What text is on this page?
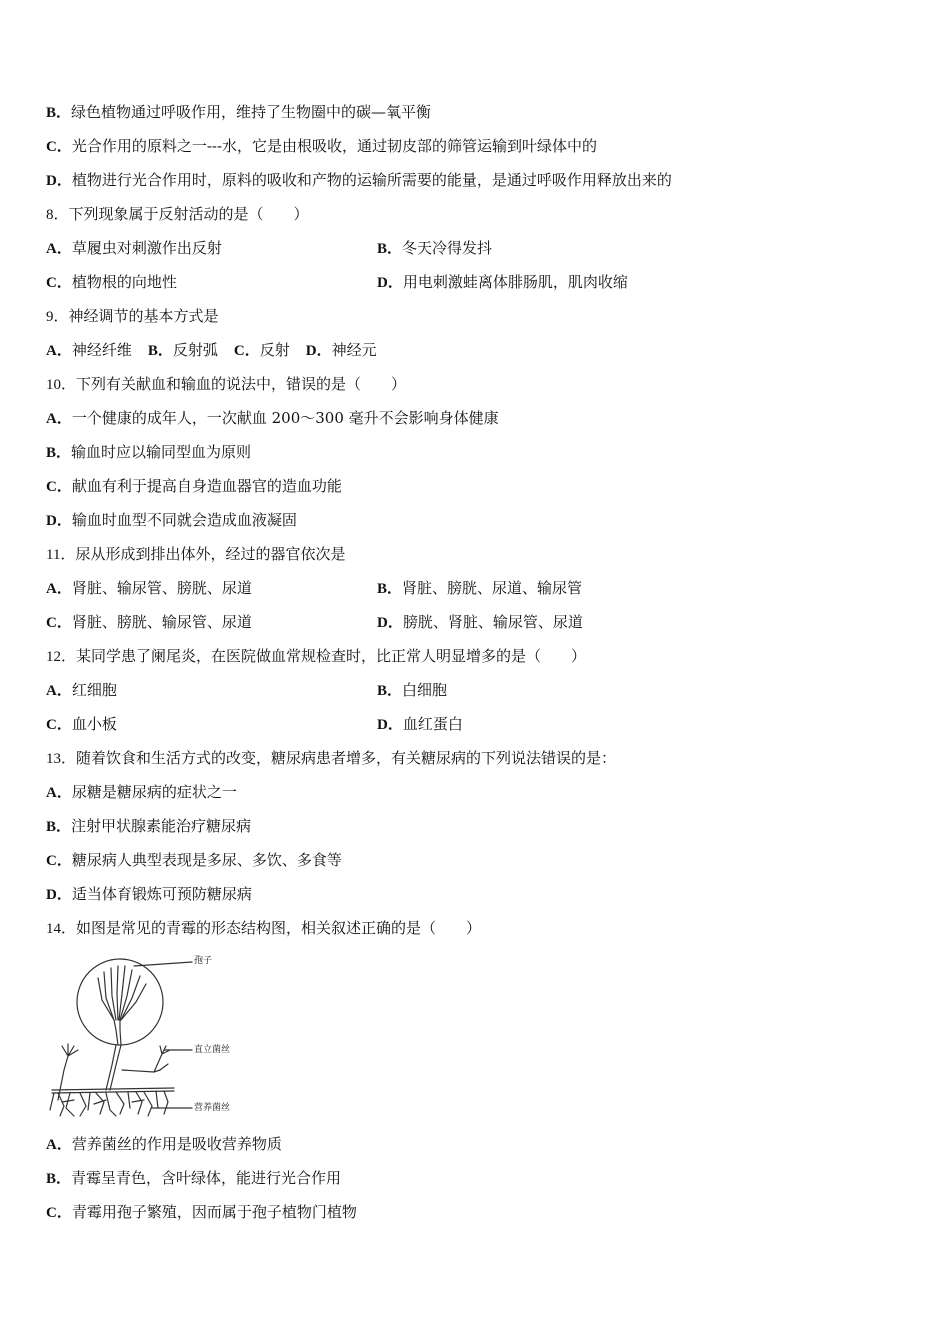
B．绿色植物通过呼吸作用，维持了生物圈中的碳—氧平衡
C．光合作用的原料之一---水，它是由根吸收，通过韧皮部的筛管运输到叶绿体中的
D．植物进行光合作用时，原料的吸收和产物的运输所需要的能量，是通过呼吸作用释放出来的
8．下列现象属于反射活动的是（　　）
A．草履虫对刺激作出反射	B．冬天冷得发抖
C．植物根的向地性	D．用电刺激蛙离体腓肠肌，肌肉收缩
9．神经调节的基本方式是
A．神经纤维 B．反射弧 C．反射 D．神经元
10．下列有关献血和输血的说法中，错误的是（　　）
A．一个健康的成年人，一次献血 200～300 毫升不会影响身体健康
B．输血时应以输同型血为原则
C．献血有利于提高自身造血器官的造血功能
D．输血时血型不同就会造成血液凝固
11．尿从形成到排出体外，经过的器官依次是
A．肾脏、输尿管、膀胱、尿道	B．肾脏、膀胱、尿道、输尿管
C．肾脏、膀胱、输尿管、尿道	D．膀胱、肾脏、输尿管、尿道
12．某同学患了阑尾炎，在医院做血常规检查时，比正常人明显增多的是（　　）
A．红细胞	B．白细胞
C．血小板	D．血红蛋白
13．随着饮食和生活方式的改变，糖尿病患者增多，有关糖尿病的下列说法错误的是：
A．尿糖是糖尿病的症状之一
B．注射甲状腺素能治疗糖尿病
C．糖尿病人典型表现是多尿、多饮、多食等
D．适当体育锻炼可预防糖尿病
14．如图是常见的青霉的形态结构图，相关叙述正确的是（　　）
孢子
直立菌丝
营养菌丝
A．营养菌丝的作用是吸收营养物质
B．青霉呈青色，含叶绿体，能进行光合作用
C．青霉用孢子繁殖，因而属于孢子植物门植物
